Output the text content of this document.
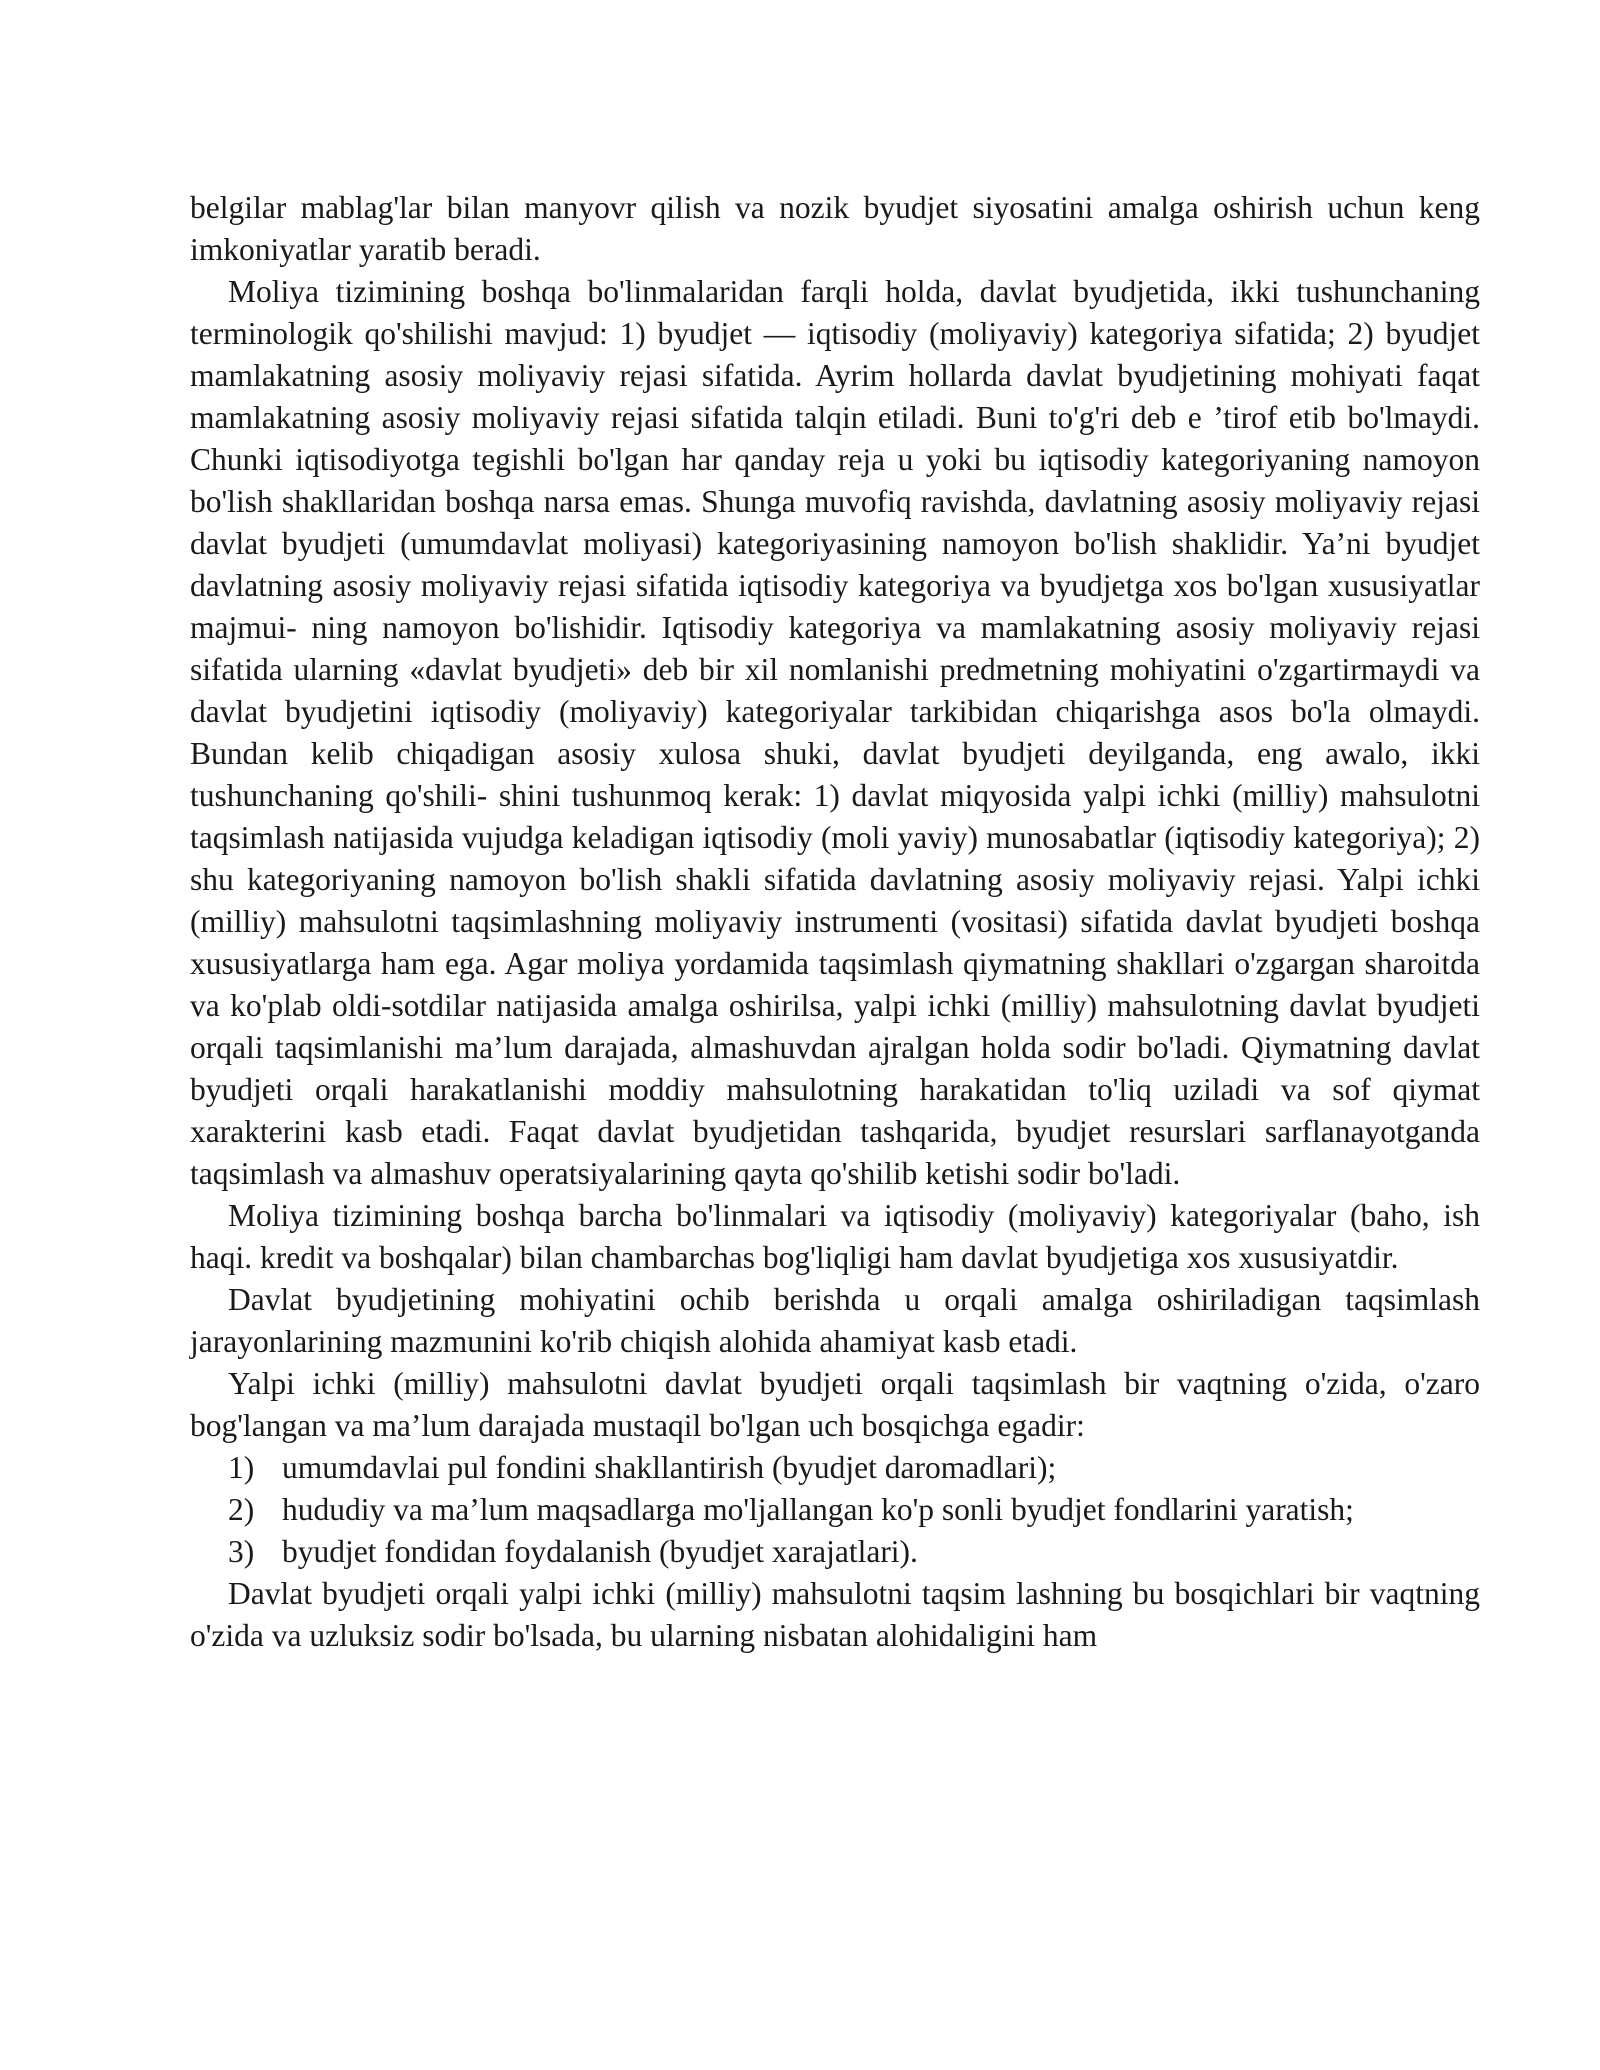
belgilar mablag'lar bilan manyovr qilish va nozik byudjet siyosatini amalga oshirish uchun keng imkoniyatlar yaratib beradi.

Moliya tizimining boshqa bo'linmalaridan farqli holda, davlat byudjetida, ikki tushunchaning terminologik qo'shilishi mavjud: 1) byudjet — iqtisodiy (moliyaviy) kategoriya sifatida; 2) byudjet mamlakatning asosiy moliyaviy rejasi sifatida. Ayrim hollarda davlat byudjetining mohiyati faqat mamlakatning asosiy moliyaviy rejasi sifatida talqin etiladi. Buni to'g'ri deb e ’tirof etib bo'lmaydi. Chunki iqtisodiyotga tegishli bo'lgan har qanday reja u yoki bu iqtisodiy kategoriyaning namoyon bo'lish shakllaridan boshqa narsa emas. Shunga muvofiq ravishda, davlatning asosiy moliyaviy rejasi davlat byudjeti (umumdavlat moliyasi) kategoriyasining namoyon bo'lish shaklidir. Ya’ni byudjet davlatning asosiy moliyaviy rejasi sifatida iqtisodiy kategoriya va byudjetga xos bo'lgan xususiyatlar majmui- ning namoyon bo'lishidir. Iqtisodiy kategoriya va mamlakatning asosiy moliyaviy rejasi sifatida ularning «davlat byudjeti» deb bir xil nomlanishi predmetning mohiyatini o'zgartirmaydi va davlat byudjetini iqtisodiy (moliyaviy) kategoriyalar tarkibidan chiqarishga asos bo'la olmaydi. Bundan kelib chiqadigan asosiy xulosa shuki, davlat byudjeti deyilganda, eng awalo, ikki tushunchaning qo'shili- shini tushunmoq kerak: 1) davlat miqyosida yalpi ichki (milliy) mahsulotni taqsimlash natijasida vujudga keladigan iqtisodiy (moli yaviy) munosabatlar (iqtisodiy kategoriya); 2) shu kategoriyaning namoyon bo'lish shakli sifatida davlatning asosiy moliyaviy rejasi. Yalpi ichki (milliy) mahsulotni taqsimlashning moliyaviy instrumenti (vositasi) sifatida davlat byudjeti boshqa xususiyatlarga ham ega. Agar moliya yordamida taqsimlash qiymatning shakllari o'zgargan sharoitda va ko'plab oldi-sotdilar natijasida amalga oshirilsa, yalpi ichki (milliy) mahsulotning davlat byudjeti orqali taqsimlanishi ma’lum darajada, almashuvdan ajralgan holda sodir bo'ladi. Qiymatning davlat byudjeti orqali harakatlanishi moddiy mahsulotning harakatidan to'liq uziladi va sof qiymat xarakterini kasb etadi. Faqat davlat byudjetidan tashqarida, byudjet resurslari sarflanayotganda taqsimlash va almashuv operatsiyalarining qayta qo'shilib ketishi sodir bo'ladi.

Moliya tizimining boshqa barcha bo'linmalari va iqtisodiy (moliyaviy) kategoriyalar (baho, ish haqi. kredit va boshqalar) bilan chambarchas bog'liqligi ham davlat byudjetiga xos xususiyatdir.

Davlat byudjetining mohiyatini ochib berishda u orqali amalga oshiriladigan taqsimlash jarayonlarining mazmunini ko'rib chiqish alohida ahamiyat kasb etadi.

Yalpi ichki (milliy) mahsulotni davlat byudjeti orqali taqsimlash bir vaqtning o'zida, o'zaro bog'langan va ma’lum darajada mustaqil bo'lgan uch bosqichga egadir:

1) umumdavlai pul fondini shakllantirish (byudjet daromadlari);

2) hududiy va ma’lum maqsadlarga mo'ljallangan ko'p sonli byudjet fondlarini yaratish;

3) byudjet fondidan foydalanish (byudjet xarajatlari).

Davlat byudjeti orqali yalpi ichki (milliy) mahsulotni taqsim lashning bu bosqichlari bir vaqtning o'zida va uzluksiz sodir bo'lsada, bu ularning nisbatan alohidaligini ham
